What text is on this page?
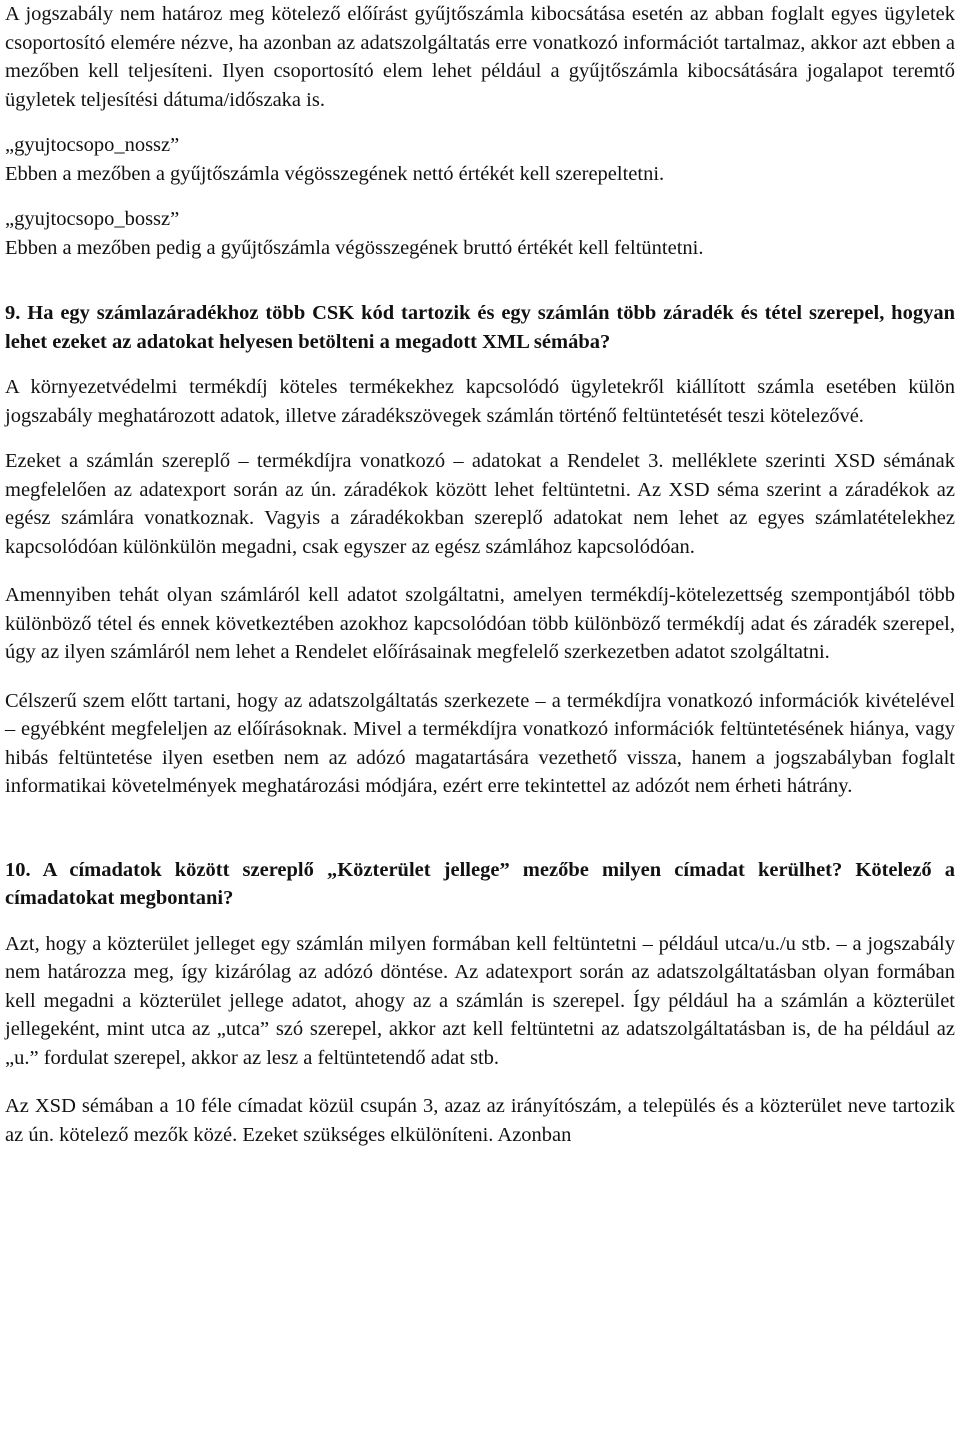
A jogszabály nem határoz meg kötelező előírást gyűjtőszámla kibocsátása esetén az abban foglalt egyes ügyletek csoportosító elemére nézve, ha azonban az adatszolgáltatás erre vonatkozó információt tartalmaz, akkor azt ebben a mezőben kell teljesíteni. Ilyen csoportosító elem lehet például a gyűjtőszámla kibocsátására jogalapot teremtő ügyletek teljesítési dátuma/időszaka is.

„gyujtocsopo_nossz”

Ebben a mezőben a gyűjtőszámla végösszegének nettó értékét kell szerepeltetni.

„gyujtocsopo_bossz”

Ebben a mezőben pedig a gyűjtőszámla végösszegének bruttó értékét kell feltüntetni.

9. Ha egy számlazáradékhoz több CSK kód tartozik és egy számlán több záradék és tétel szerepel, hogyan lehet ezeket az adatokat helyesen betölteni a megadott XML sémába?

A környezetvédelmi termékdíj köteles termékekhez kapcsolódó ügyletekről kiállított számla esetében külön jogszabály meghatározott adatok, illetve záradékszövegek számlán történő feltüntetését teszi kötelezővé.

Ezeket a számlán szereplő – termékdíjra vonatkozó – adatokat a Rendelet 3. melléklete szerinti XSD sémának megfelelően az adatexport során az ún. záradékok között lehet feltüntetni. Az XSD séma szerint a záradékok az egész számlára vonatkoznak. Vagyis a záradékokban szereplő adatokat nem lehet az egyes számlatételekhez kapcsolódóan különkülön megadni, csak egyszer az egész számlához kapcsolódóan.

Amennyiben tehát olyan számláról kell adatot szolgáltatni, amelyen termékdíj-kötelezettség szempontjából több különböző tétel és ennek következtében azokhoz kapcsolódóan több különböző termékdíj adat és záradék szerepel, úgy az ilyen számláról nem lehet a Rendelet előírásainak megfelelő szerkezetben adatot szolgáltatni.

Célszerű szem előtt tartani, hogy az adatszolgáltatás szerkezete – a termékdíjra vonatkozó információk kivételével – egyébként megfeleljen az előírásoknak. Mivel a termékdíjra vonatkozó információk feltüntetésének hiánya, vagy hibás feltüntetése ilyen esetben nem az adózó magatartására vezethető vissza, hanem a jogszabályban foglalt informatikai követelmények meghatározási módjára, ezért erre tekintettel az adózót nem érheti hátrány.

10. A címadatok között szereplő „Közterület jellege” mezőbe milyen címadat kerülhet? Kötelező a címadatokat megbontani?

Azt, hogy a közterület jelleget egy számlán milyen formában kell feltüntetni – például utca/u./u stb. – a jogszabály nem határozza meg, így kizárólag az adózó döntése. Az adatexport során az adatszolgáltatásban olyan formában kell megadni a közterület jellege adatot, ahogy az a számlán is szerepel. Így például ha a számlán a közterület jellegeként, mint utca az „utca” szó szerepel, akkor azt kell feltüntetni az adatszolgáltatásban is, de ha például az „u.” fordulat szerepel, akkor az lesz a feltüntetendő adat stb.

Az XSD sémában a 10 féle címadat közül csupán 3, azaz az irányítószám, a település és a közterület neve tartozik az ún. kötelező mezők közé. Ezeket szükséges elkülöníteni. Azonban
